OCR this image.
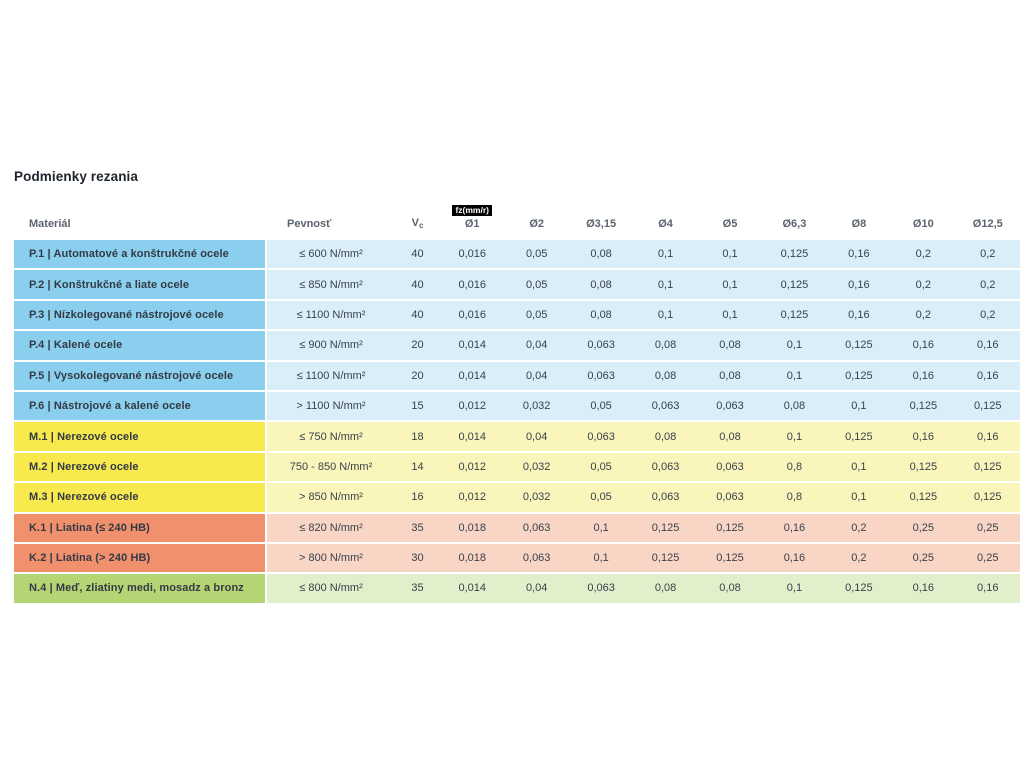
Podmienky rezania
Materiál	Pevnosť	$V_c$
fz(mm/r)
Ø1	Ø2	Ø3,15	Ø4	Ø5	Ø6,3	Ø8	Ø10	Ø12,5
P.1 | Automatové a konštrukčné ocele	≤ 600 N/mm²	40	0,016	0,05	0,08	0,1	0,1	0,125	0,16	0,2	0,2
P.2 | Konštrukčné a liate ocele	≤ 850 N/mm²	40	0,016	0,05	0,08	0,1	0,1	0,125	0,16	0,2	0,2
P.3 | Nízkolegované nástrojové ocele	≤ 1100 N/mm²	40	0,016	0,05	0,08	0,1	0,1	0,125	0,16	0,2	0,2
P.4 | Kalené ocele	≤ 900 N/mm²	20	0,014	0,04	0,063	0,08	0,08	0,1	0,125	0,16	0,16
P.5 | Vysokolegované nástrojové ocele	≤ 1100 N/mm²	20	0,014	0,04	0,063	0,08	0,08	0,1	0,125	0,16	0,16
P.6 | Nástrojové a kalené ocele	> 1100 N/mm²	15	0,012	0,032	0,05	0,063	0,063	0,08	0,1	0,125	0,125
M.1 | Nerezové ocele	≤ 750 N/mm²	18	0,014	0,04	0,063	0,08	0,08	0,1	0,125	0,16	0,16
M.2 | Nerezové ocele	750 - 850 N/mm²	14	0,012	0,032	0,05	0,063	0,063	0,8	0,1	0,125	0,125
M.3 | Nerezové ocele	> 850 N/mm²	16	0,012	0,032	0,05	0,063	0,063	0,8	0,1	0,125	0,125
K.1 | Liatina (≤ 240 HB)	≤ 820 N/mm²	35	0,018	0,063	0,1	0,125	0,125	0,16	0,2	0,25	0,25
K.2 | Liatina (> 240 HB)	> 800 N/mm²	30	0,018	0,063	0,1	0,125	0,125	0,16	0,2	0,25	0,25
N.4 | Meď, zliatiny medi, mosadz a bronz	≤ 800 N/mm²	35	0,014	0,04	0,063	0,08	0,08	0,1	0,125	0,16	0,16
